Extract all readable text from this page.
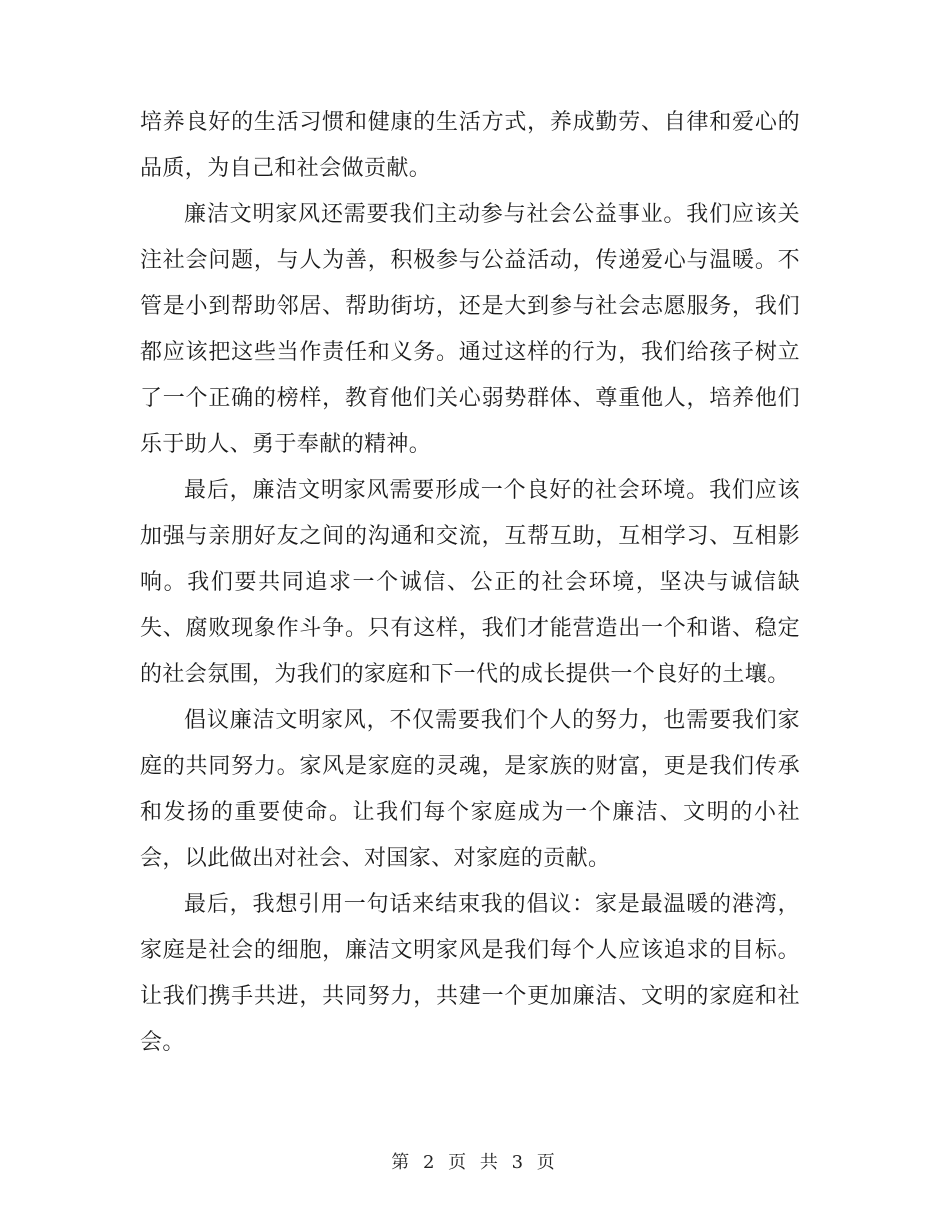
培养良好的生活习惯和健康的生活方式，养成勤劳、自律和爱心的品质，为自己和社会做贡献。

廉洁文明家风还需要我们主动参与社会公益事业。我们应该关注社会问题，与人为善，积极参与公益活动，传递爱心与温暖。不管是小到帮助邻居、帮助街坊，还是大到参与社会志愿服务，我们都应该把这些当作责任和义务。通过这样的行为，我们给孩子树立了一个正确的榜样，教育他们关心弱势群体、尊重他人，培养他们乐于助人、勇于奉献的精神。

最后，廉洁文明家风需要形成一个良好的社会环境。我们应该加强与亲朋好友之间的沟通和交流，互帮互助，互相学习、互相影响。我们要共同追求一个诚信、公正的社会环境，坚决与诚信缺失、腐败现象作斗争。只有这样，我们才能营造出一个和谐、稳定的社会氛围，为我们的家庭和下一代的成长提供一个良好的土壤。

倡议廉洁文明家风，不仅需要我们个人的努力，也需要我们家庭的共同努力。家风是家庭的灵魂，是家族的财富，更是我们传承和发扬的重要使命。让我们每个家庭成为一个廉洁、文明的小社会，以此做出对社会、对国家、对家庭的贡献。

最后，我想引用一句话来结束我的倡议：家是最温暖的港湾，家庭是社会的细胞，廉洁文明家风是我们每个人应该追求的目标。让我们携手共进，共同努力，共建一个更加廉洁、文明的家庭和社会。

第 2 页 共 3 页
